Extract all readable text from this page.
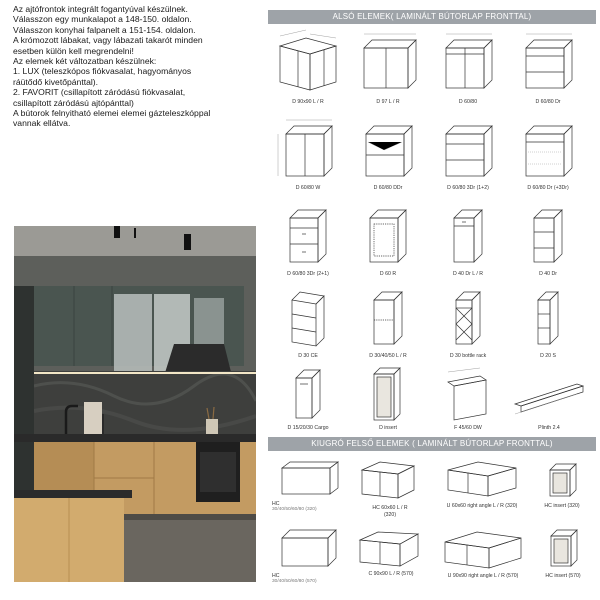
Az ajtófrontok integrált fogantyúval készülnek.
Válasszon egy munkalapot a 148-150. oldalon.
Válasszon konyhai falpanelt a 151-154. oldalon.
A krómozott lábakat, vagy lábazati takarót minden
esetben külön kell megrendelni!
Az elemek két változatban készülnek:
1. LUX (teleszkópos fiókvasalat, hagyományos
ráütődő kivetőpánttal).
2. FAVORIT (csillapított záródású fiókvasalat,
csillapított záródású ajtópánttal)
A bútorok felnyitható elemei elemei gázteleszkóppal
vannak ellátva.
ALSÓ ELEMEK( LAMINÁLT BÚTORLAP FRONTTAL)
KIUGRÓ FELSŐ ELEMEK ( LAMINÁLT BÚTORLAP FRONTTAL)
D 90x90 L / R	D 97 L / R	D 60/80	D 60/80 Dr
D 60/80 W	D 60/80 DDr	D 60/80 3Dr (1+2)	D 60/80 Dr (+3Dr)
D 60/80 3Dr (2+1)	D 60 R	D 40 Dr L / R	D 40 Dr
D 30 CE	D 30/40/50 L / R	D 30 bottle rack	D 20 S
D 15/20/30 Cargo	D insert	F 45/60 DW	Plinth 2.4
HC
30/40/50/60/80 (320)	HC 60x60 L / R
(320)
U 60x60 right angle L / R (320)	HC insert (320)
HC
30/40/50/60/80 (570)
C 90x90 L / R (570)	U 90x90 right angle L / R (570)	HC insert (570)
